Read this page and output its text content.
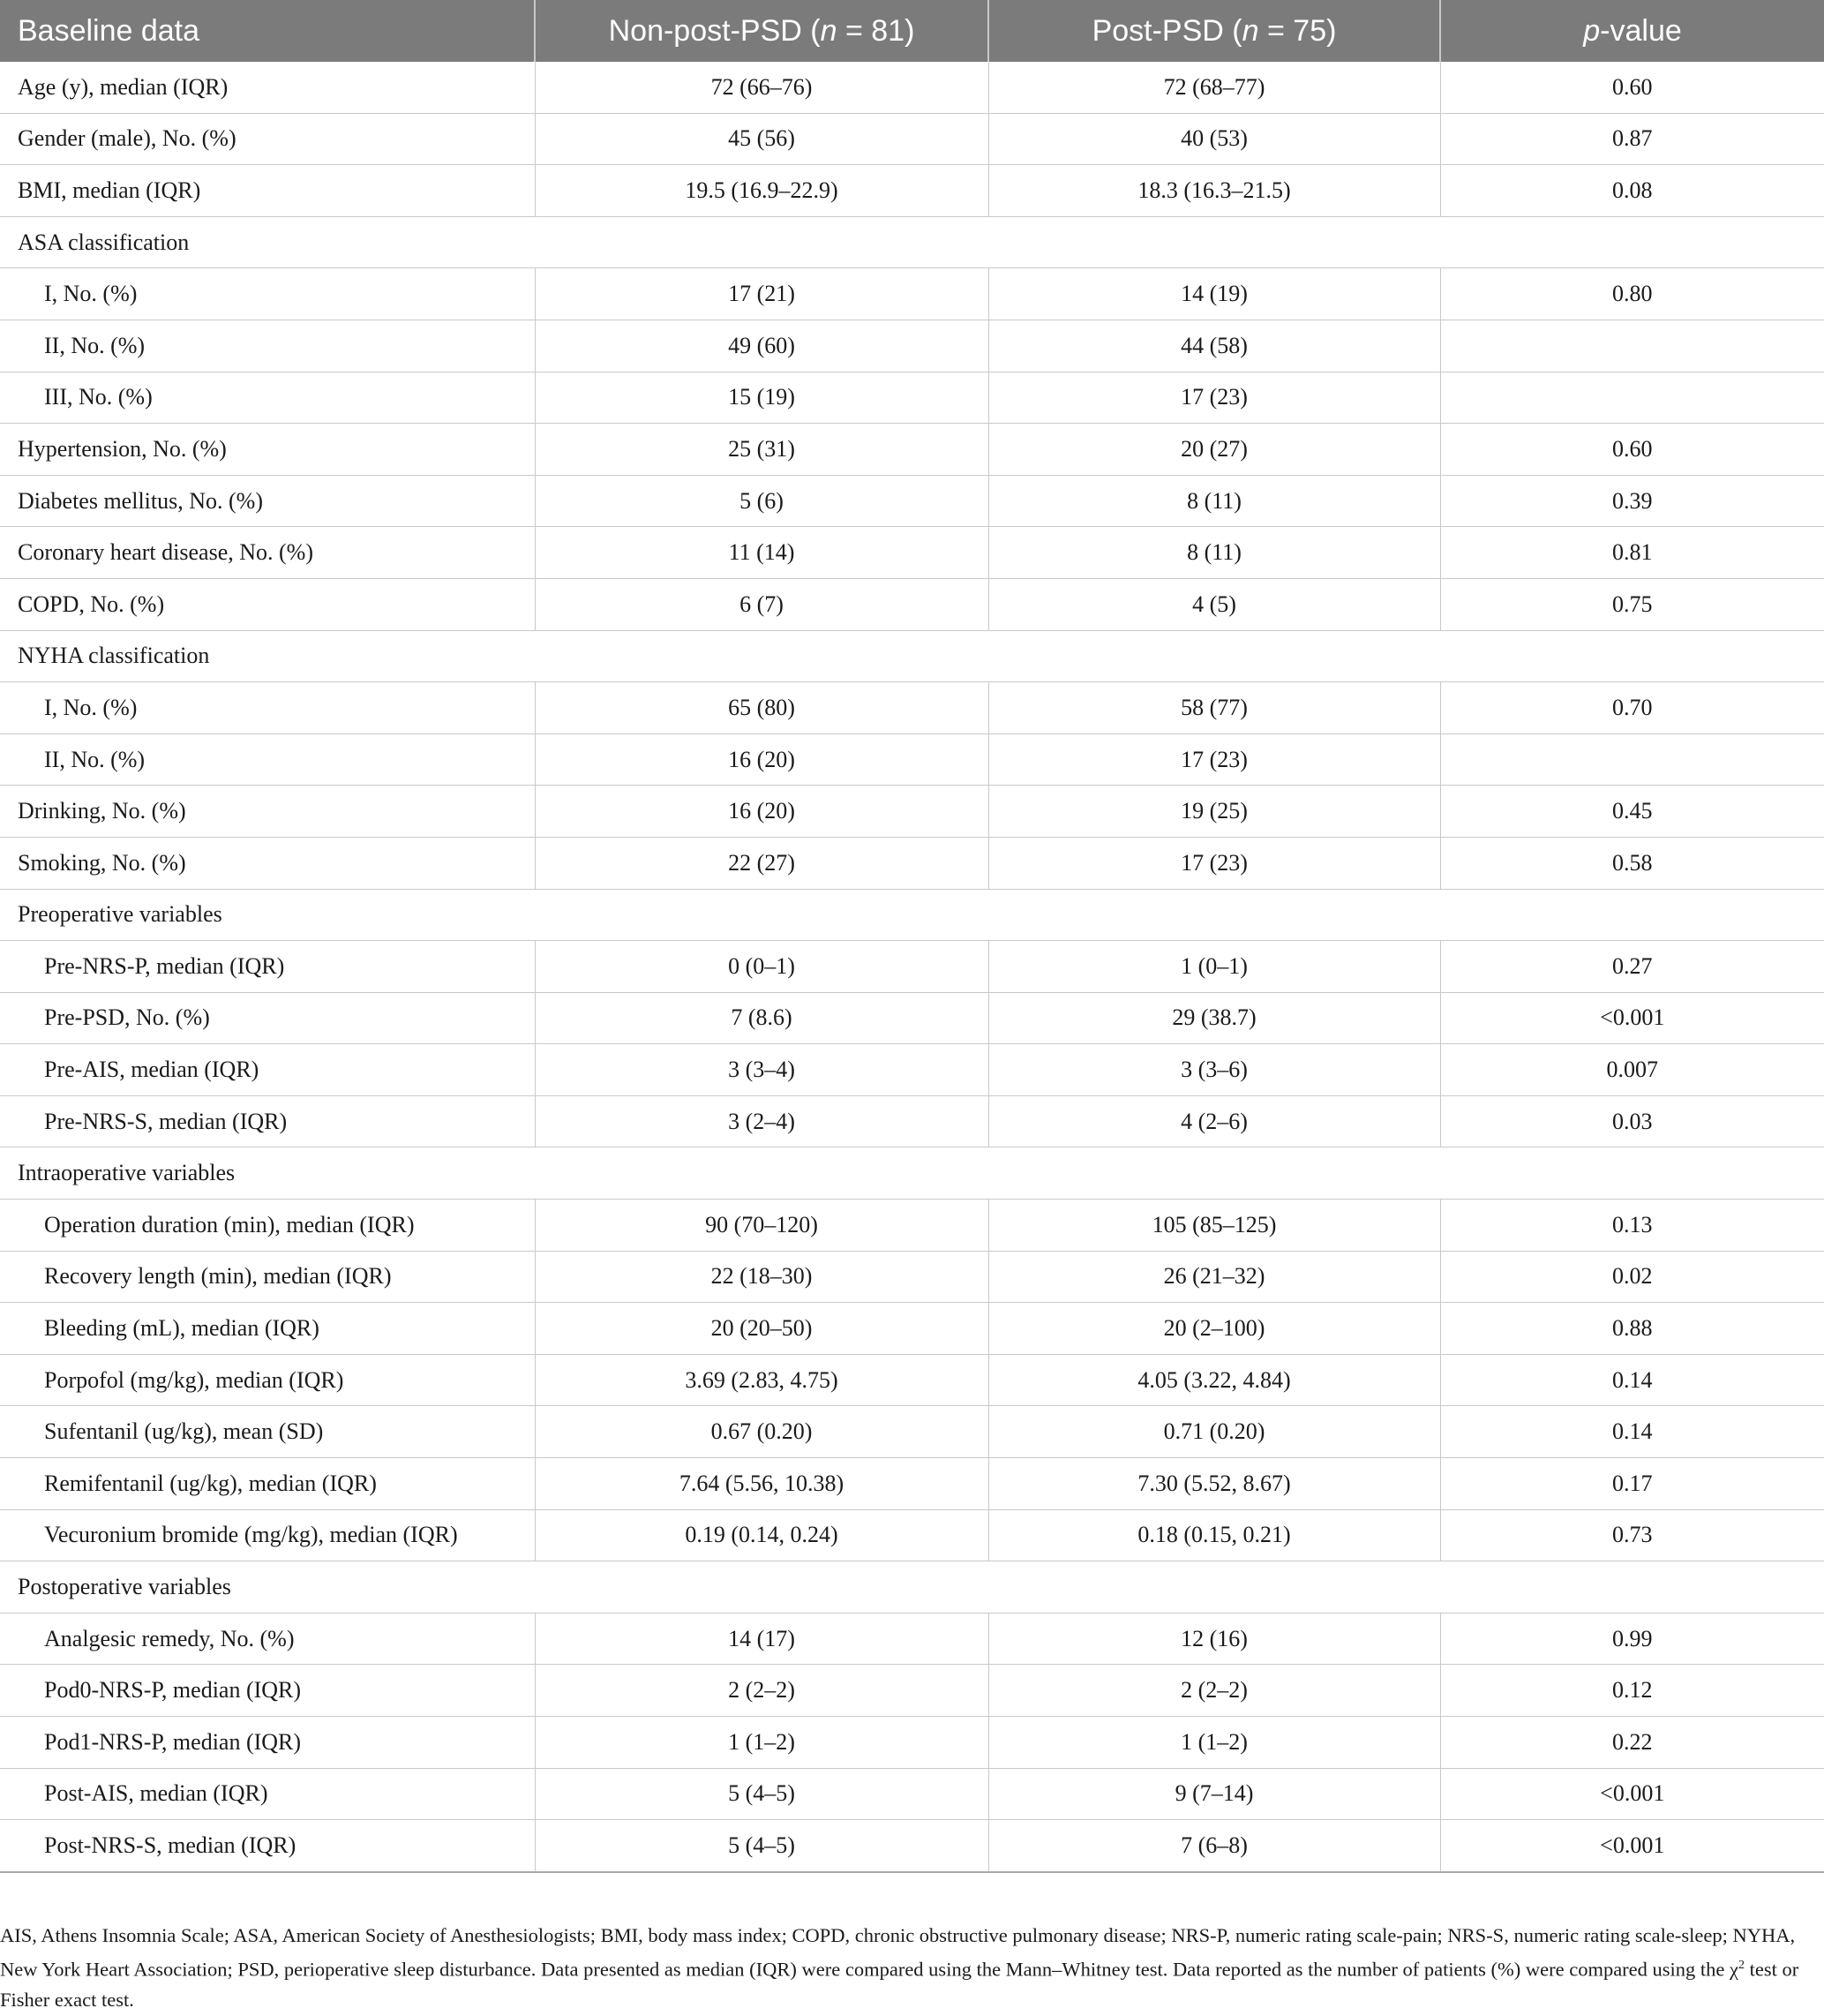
Baseline data	Non-post-PSD (n = 81)	Post-PSD (n = 75)	p-value
Age (y), median (IQR)	72 (66–76)	72 (68–77)	0.60
Gender (male), No. (%)	45 (56)	40 (53)	0.87
BMI, median (IQR)	19.5 (16.9–22.9)	18.3 (16.3–21.5)	0.08
ASA classification			
I, No. (%)	17 (21)	14 (19)	0.80
II, No. (%)	49 (60)	44 (58)	
III, No. (%)	15 (19)	17 (23)	
Hypertension, No. (%)	25 (31)	20 (27)	0.60
Diabetes mellitus, No. (%)	5 (6)	8 (11)	0.39
Coronary heart disease, No. (%)	11 (14)	8 (11)	0.81
COPD, No. (%)	6 (7)	4 (5)	0.75
NYHA classification			
I, No. (%)	65 (80)	58 (77)	0.70
II, No. (%)	16 (20)	17 (23)	
Drinking, No. (%)	16 (20)	19 (25)	0.45
Smoking, No. (%)	22 (27)	17 (23)	0.58
Preoperative variables			
Pre-NRS-P, median (IQR)	0 (0–1)	1 (0–1)	0.27
Pre-PSD, No. (%)	7 (8.6)	29 (38.7)	<0.001
Pre-AIS, median (IQR)	3 (3–4)	3 (3–6)	0.007
Pre-NRS-S, median (IQR)	3 (2–4)	4 (2–6)	0.03
Intraoperative variables			
Operation duration (min), median (IQR)	90 (70–120)	105 (85–125)	0.13
Recovery length (min), median (IQR)	22 (18–30)	26 (21–32)	0.02
Bleeding (mL), median (IQR)	20 (20–50)	20 (2–100)	0.88
Porpofol (mg/kg), median (IQR)	3.69 (2.83, 4.75)	4.05 (3.22, 4.84)	0.14
Sufentanil (ug/kg), mean (SD)	0.67 (0.20)	0.71 (0.20)	0.14
Remifentanil (ug/kg), median (IQR)	7.64 (5.56, 10.38)	7.30 (5.52, 8.67)	0.17
Vecuronium bromide (mg/kg), median (IQR)	0.19 (0.14, 0.24)	0.18 (0.15, 0.21)	0.73
Postoperative variables			
Analgesic remedy, No. (%)	14 (17)	12 (16)	0.99
Pod0-NRS-P, median (IQR)	2 (2–2)	2 (2–2)	0.12
Pod1-NRS-P, median (IQR)	1 (1–2)	1 (1–2)	0.22
Post-AIS, median (IQR)	5 (4–5)	9 (7–14)	<0.001
Post-NRS-S, median (IQR)	5 (4–5)	7 (6–8)	<0.001

AIS, Athens Insomnia Scale; ASA, American Society of Anesthesiologists; BMI, body mass index; COPD, chronic obstructive pulmonary disease; NRS-P, numeric rating scale-pain; NRS-S, numeric rating scale-sleep; NYHA, New York Heart Association; PSD, perioperative sleep disturbance. Data presented as median (IQR) were compared using the Mann–Whitney test. Data reported as the number of patients (%) were compared using the $\chi^2$ test or Fisher exact test.
